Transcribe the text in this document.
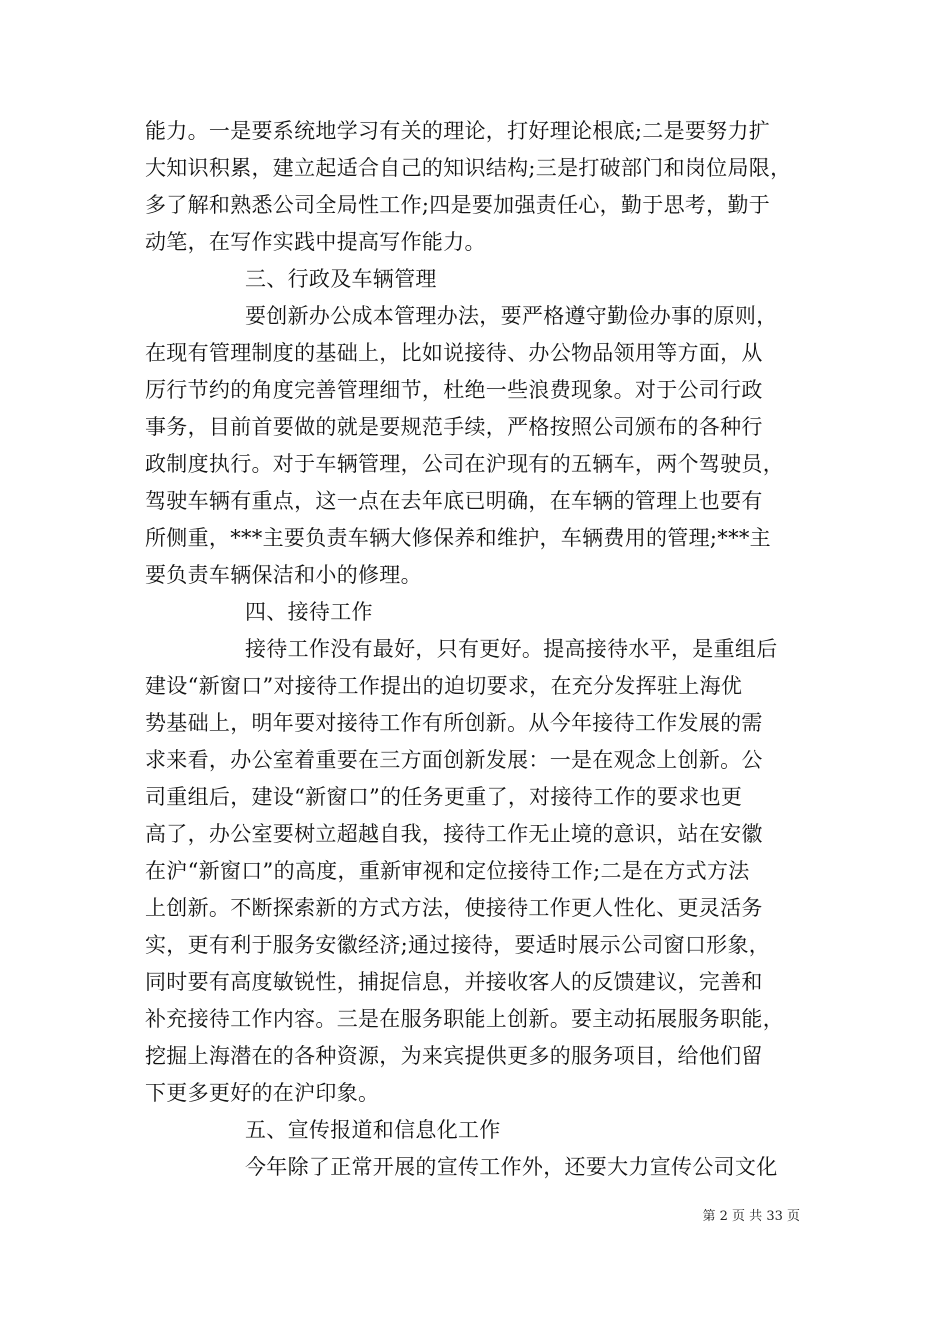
能力。一是要系统地学习有关的理论，打好理论根底;二是要努力扩
大知识积累，建立起适合自己的知识结构;三是打破部门和岗位局限，
多了解和熟悉公司全局性工作;四是要加强责任心，勤于思考，勤于
动笔，在写作实践中提高写作能力。
三、行政及车辆管理
要创新办公成本管理办法，要严格遵守勤俭办事的原则，
在现有管理制度的基础上，比如说接待、办公物品领用等方面，从
厉行节约的角度完善管理细节，杜绝一些浪费现象。对于公司行政
事务，目前首要做的就是要规范手续，严格按照公司颁布的各种行
政制度执行。对于车辆管理，公司在沪现有的五辆车，两个驾驶员，
驾驶车辆有重点，这一点在去年底已明确，在车辆的管理上也要有
所侧重，***主要负责车辆大修保养和维护，车辆费用的管理;***主
要负责车辆保洁和小的修理。
四、接待工作
接待工作没有最好，只有更好。提高接待水平，是重组后
建设“新窗口”对接待工作提出的迫切要求，在充分发挥驻上海优
势基础上，明年要对接待工作有所创新。从今年接待工作发展的需
求来看，办公室着重要在三方面创新发展：一是在观念上创新。公
司重组后，建设“新窗口”的任务更重了，对接待工作的要求也更
高了，办公室要树立超越自我，接待工作无止境的意识，站在安徽
在沪“新窗口”的高度，重新审视和定位接待工作;二是在方式方法
上创新。不断探索新的方式方法，使接待工作更人性化、更灵活务
实，更有利于服务安徽经济;通过接待，要适时展示公司窗口形象，
同时要有高度敏锐性，捕捉信息，并接收客人的反馈建议，完善和
补充接待工作内容。三是在服务职能上创新。要主动拓展服务职能，
挖掘上海潜在的各种资源，为来宾提供更多的服务项目，给他们留
下更多更好的在沪印象。
五、宣传报道和信息化工作
今年除了正常开展的宣传工作外，还要大力宣传公司文化
第 2 页 共 33 页
